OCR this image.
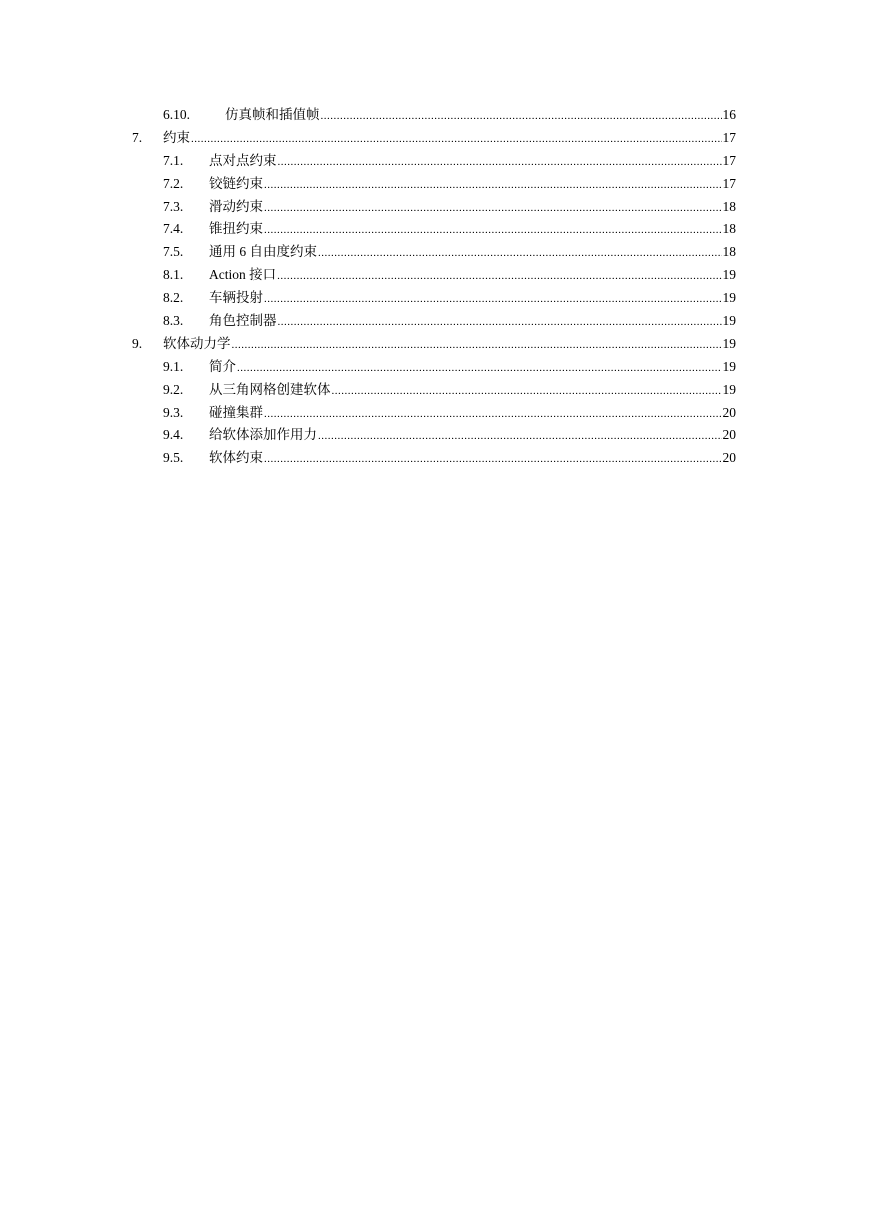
6.10.	仿真帧和插值帧 .....	16
7. 约束 .....	17
7.1. 点对点约束 .....	17
7.2. 铰链约束 .....	17
7.3. 滑动约束 .....	18
7.4. 锥扭约束 .....	18
7.5. 通用 6 自由度约束 .....	18
8.1. Action 接口 .....	19
8.2. 车辆投射 .....	19
8.3. 角色控制器 .....	19
9. 软体动力学 .....	19
9.1. 简介 .....	19
9.2. 从三角网格创建软体 .....	19
9.3. 碰撞集群 .....	20
9.4. 给软体添加作用力 .....	20
9.5. 软体约束 .....	20
